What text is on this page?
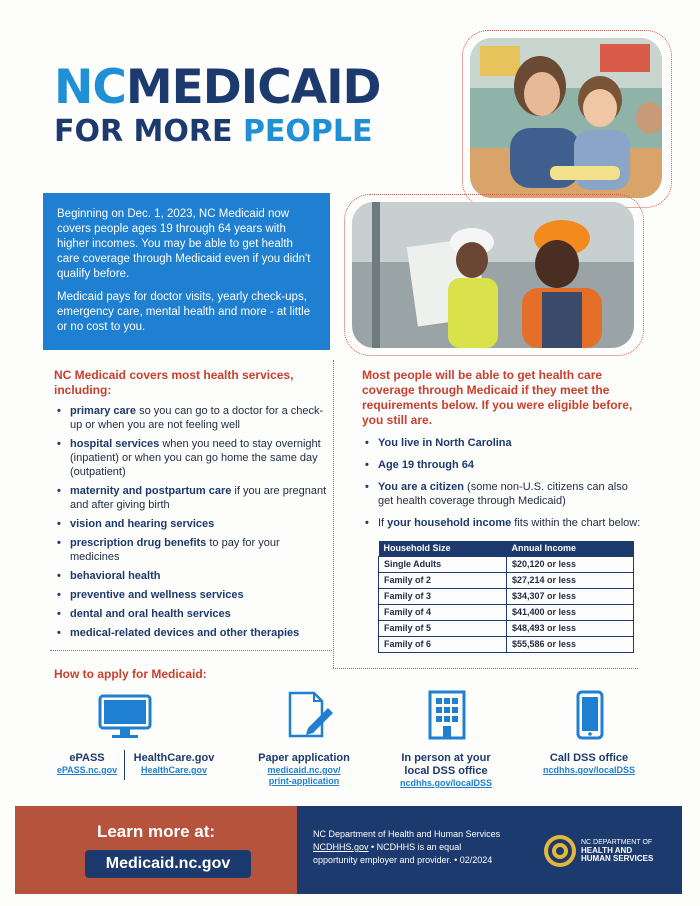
NCMEDICAID
FOR MORE PEOPLE

Beginning on Dec. 1, 2023, NC Medicaid now covers people ages 19 through 64 years with higher incomes. You may be able to get health care coverage through Medicaid even if you didn't qualify before.

Medicaid pays for doctor visits, yearly check-ups, emergency care, mental health and more - at little or no cost to you.

NC Medicaid covers most health services, including:
• primary care so you can go to a doctor for a check-up or when you are not feeling well
• hospital services when you need to stay overnight (inpatient) or when you can go home the same day (outpatient)
• maternity and postpartum care if you are pregnant and after giving birth
• vision and hearing services
• prescription drug benefits to pay for your medicines
• behavioral health
• preventive and wellness services
• dental and oral health services
• medical-related devices and other therapies
Most people will be able to get health care coverage through Medicaid if they meet the requirements below. If you were eligible before, you still are.
• You live in North Carolina
• Age 19 through 64
• You are a citizen (some non-U.S. citizens can also get health coverage through Medicaid)
• If your household income fits within the chart below:
Household Size	Annual Income
Single Adults	$20,120 or less
Family of 2	$27,214 or less
Family of 3	$34,307 or less
Family of 4	$41,400 or less
Family of 5	$48,493 or less
Family of 6	$55,586 or less
How to apply for Medicaid:
ePASS
ePASS.nc.gov
HealthCare.gov
HealthCare.gov
Paper application
medicaid.nc.gov/
print-application
In person at your
local DSS office
ncdhhs.gov/localDSS
Call DSS office
ncdhhs.gov/localDSS
Learn more at:
Medicaid.nc.gov
NC Department of Health and Human Services
NCDHHS.gov • NCDHHS is an equal
opportunity employer and provider. • 02/2024
NC DEPARTMENT OF
HEALTH AND
HUMAN SERVICES
